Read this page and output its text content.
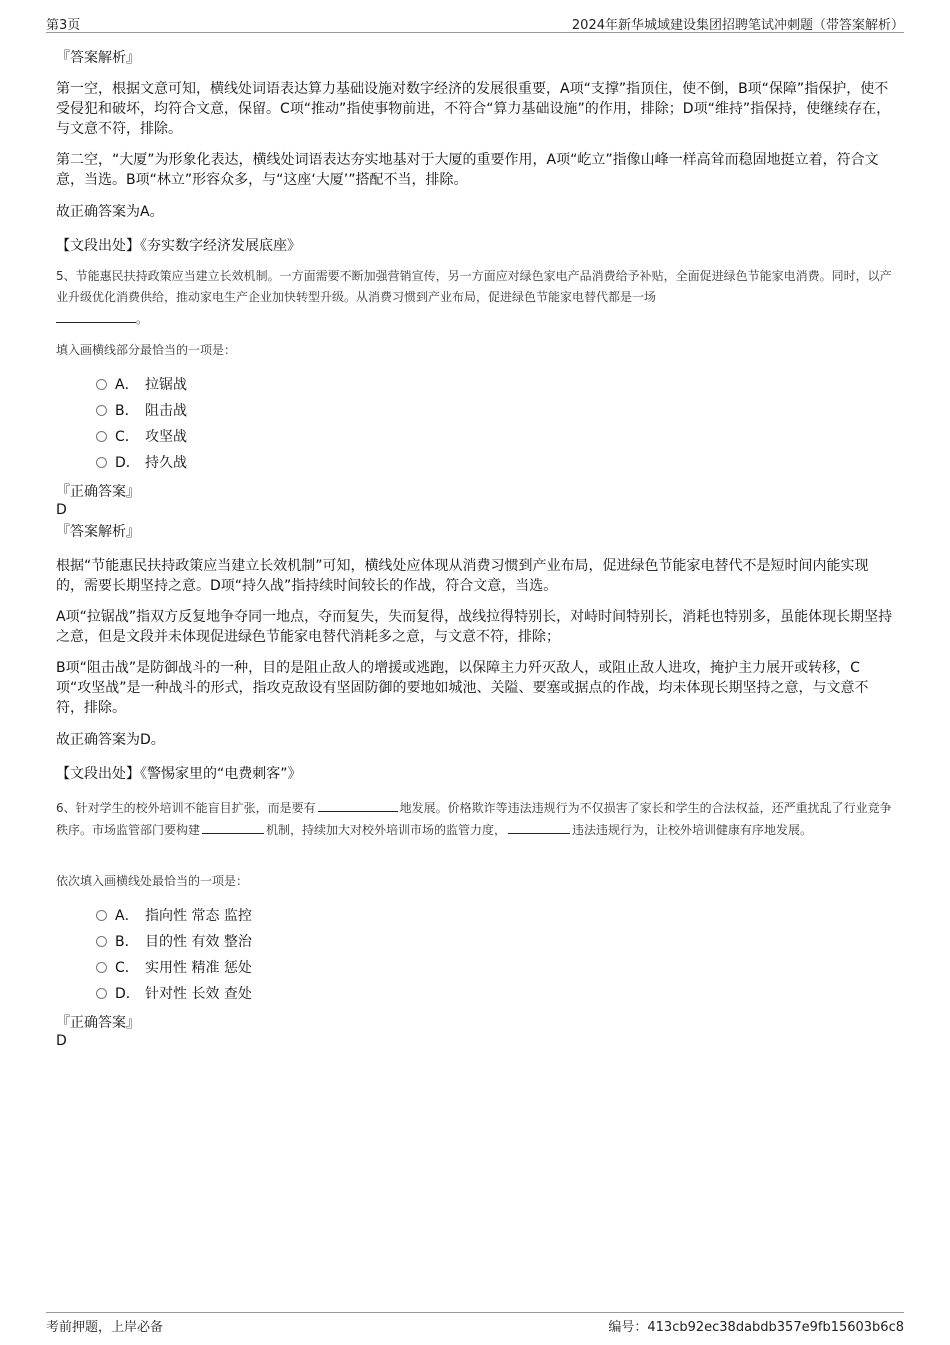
第3页	2024年新华城域建设集团招聘笔试冲刺题（带答案解析）
『答案解析』
第一空，根据文意可知，横线处词语表达算力基础设施对数字经济的发展很重要，A项“支撑”指顶住，使不倒，B项“保障”指保护，使不受侵犯和破坏，均符合文意，保留。C项“推动”指使事物前进，不符合“算力基础设施”的作用，排除；D项“维持”指保持，使继续存在，与文意不符，排除。
第二空，“大厦”为形象化表达，横线处词语表达夯实地基对于大厦的重要作用，A项“屹立”指像山峰一样高耸而稳固地挺立着，符合文意，当选。B项“林立”形容众多，与“这座‘大厦’”搭配不当，排除。
故正确答案为A。
【文段出处】《夯实数字经济发展底座》
5、节能惠民扶持政策应当建立长效机制。一方面需要不断加强营销宣传，另一方面应对绿色家电产品消费给予补贴，全面促进绿色节能家电消费。同时，以产业升级优化消费供给，推动家电生产企业加快转型升级。从消费习惯到产业布局，促进绿色节能家电替代都是一场
。
填入画横线部分最恰当的一项是：
A． 拉锯战
B． 阻击战
C． 攻坚战
D． 持久战
『正确答案』
D
『答案解析』
根据“节能惠民扶持政策应当建立长效机制”可知，横线处应体现从消费习惯到产业布局，促进绿色节能家电替代不是短时间内能实现的，需要长期坚持之意。D项“持久战”指持续时间较长的作战，符合文意，当选。
A项“拉锯战”指双方反复地争夺同一地点，夺而复失，失而复得，战线拉得特别长，对峙时间特别长，消耗也特别多，虽能体现长期坚持之意，但是文段并未体现促进绿色节能家电替代消耗多之意，与文意不符，排除；
B项“阻击战”是防御战斗的一种，目的是阻止敌人的增援或逃跑，以保障主力歼灭敌人，或阻止敌人进攻，掩护主力展开或转移，C项“攻坚战”是一种战斗的形式，指攻克敌设有坚固防御的要地如城池、关隘、要塞或据点的作战，均未体现长期坚持之意，与文意不符，排除。
故正确答案为D。
【文段出处】《警惕家里的“电费刺客”》
6、针对学生的校外培训不能盲目扩张，而是要有	地发展。价格欺诈等违法违规行为不仅损害了家长和学生的合法权益，还严重扰乱了行业竞争秩序。市场监管部门要构建	机制，持续加大对校外培训市场的监管力度，	违法违规行为，让校外培训健康有序地发展。
依次填入画横线处最恰当的一项是：
A． 指向性 常态 监控
B． 目的性 有效 整治
C． 实用性 精准 惩处
D． 针对性 长效 查处
『正确答案』
D
考前押题，上岸必备	编号：413cb92ec38dabdb357e9fb15603b6c8
